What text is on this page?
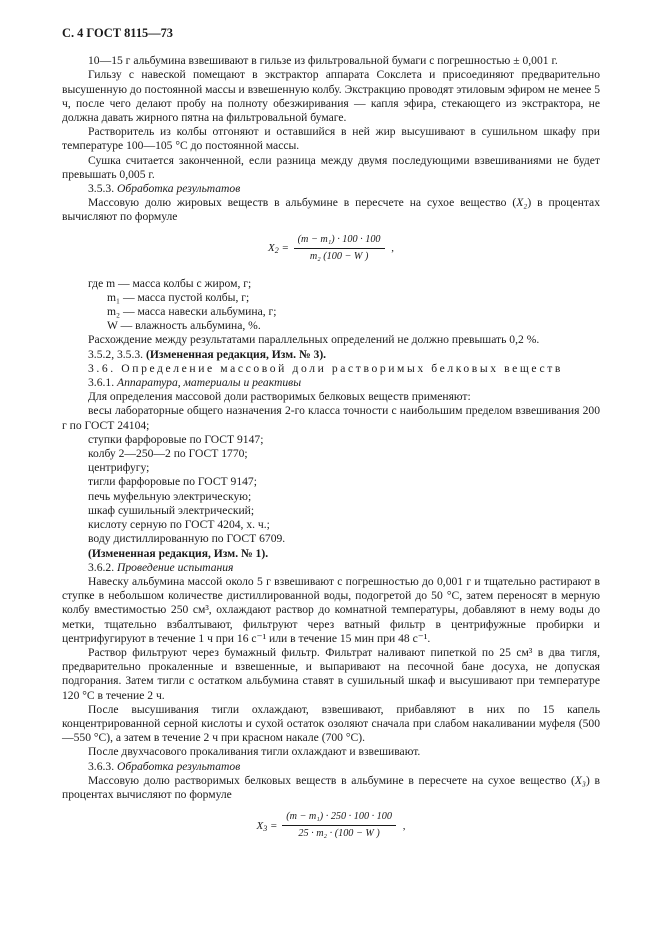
С. 4 ГОСТ 8115—73

10—15 г альбумина взвешивают в гильзе из фильтровальной бумаги с погрешностью ± 0,001 г.

Гильзу с навеской помещают в экстрактор аппарата Сокслета и присоединяют предварительно высушенную до постоянной массы и взвешенную колбу. Экстракцию проводят этиловым эфиром не менее 5 ч, после чего делают пробу на полноту обезжиривания — капля эфира, стекающего из экстрактора, не должна давать жирного пятна на фильтровальной бумаге.

Растворитель из колбы отгоняют и оставшийся в ней жир высушивают в сушильном шкафу при температуре 100—105 °С до постоянной массы.

Сушка считается законченной, если разница между двумя последующими взвешиваниями не будет превышать 0,005 г.

3.5.3. Обработка результатов

Массовую долю жировых веществ в альбумине в пересчете на сухое вещество (X₂) в процентах вычисляют по формуле

$X_2 = \frac{\text{(m − m₁) · 100 · 100}}{\text{m₂ (100 − W )}}$ ,

где m — масса колбы с жиром, г;

m₁ — масса пустой колбы, г;

m₂ — масса навески альбумина, г;

W — влажность альбумина, %.

Расхождение между результатами параллельных определений не должно превышать 0,2 %.

3.5.2, 3.5.3. (Измененная редакция, Изм. № 3).

3.6. Определение массовой доли растворимых белковых веществ

3.6.1. Аппаратура, материалы и реактивы

Для определения массовой доли растворимых белковых веществ применяют:

весы лабораторные общего назначения 2-го класса точности с наибольшим пределом взвешивания 200 г по ГОСТ 24104;

ступки фарфоровые по ГОСТ 9147;

колбу 2—250—2 по ГОСТ 1770;

центрифугу;

тигли фарфоровые по ГОСТ 9147;

печь муфельную электрическую;

шкаф сушильный электрический;

кислоту серную по ГОСТ 4204, х. ч.;

воду дистиллированную по ГОСТ 6709.

(Измененная редакция, Изм. № 1).

3.6.2. Проведение испытания

Навеску альбумина массой около 5 г взвешивают с погрешностью до 0,001 г и тщательно растирают в ступке в небольшом количестве дистиллированной воды, подогретой до 50 °С, затем переносят в мерную колбу вместимостью 250 см³, охлаждают раствор до комнатной температуры, добавляют в нему воды до метки, тщательно взбалтывают, фильтруют через ватный фильтр в центрифужные пробирки и центрифугируют в течение 1 ч при 16 с⁻¹ или в течение 15 мин при 48 с⁻¹.

Раствор фильтруют через бумажный фильтр. Фильтрат наливают пипеткой по 25 см³ в два тигля, предварительно прокаленные и взвешенные, и выпаривают на песочной бане досуха, не допуская подгорания. Затем тигли с остатком альбумина ставят в сушильный шкаф и высушивают при температуре 120 °С в течение 2 ч.

После высушивания тигли охлаждают, взвешивают, прибавляют в них по 15 капель концентрированной серной кислоты и сухой остаток озоляют сначала при слабом накаливании муфеля (500—550 °С), а затем в течение 2 ч при красном накале (700 °С).

После двухчасового прокаливания тигли охлаждают и взвешивают.

3.6.3. Обработка результатов

Массовую долю растворимых белковых веществ в альбумине в пересчете на сухое вещество (X₃) в процентах вычисляют по формуле

$X_3 = \frac{\text{(m − m₁) · 250 · 100 · 100}}{\text{25 · m₂ · (100 − W )}}$ ,
